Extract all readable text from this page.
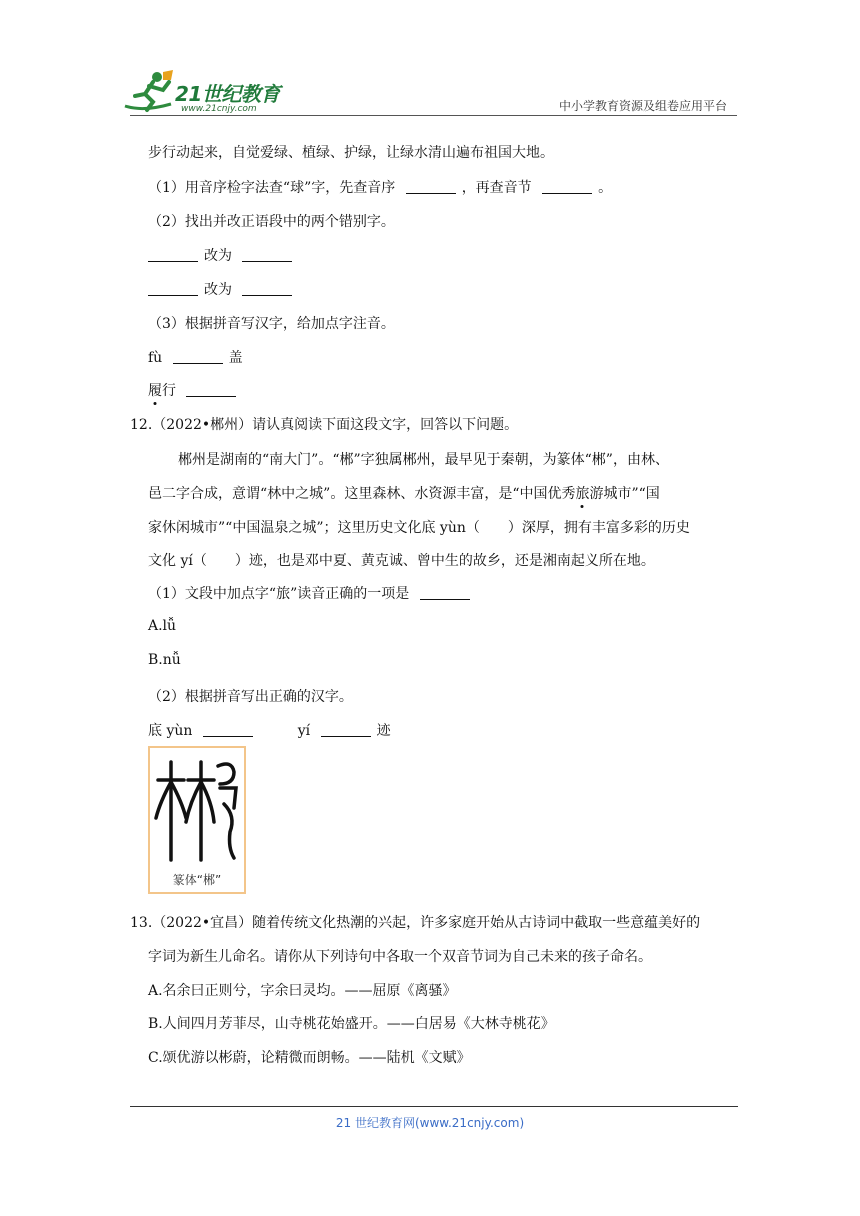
21世纪教育
www.21cnjy.com	中小学教育资源及组卷应用平台
步行动起来，自觉爱绿、植绿、护绿，让绿水清山遍布祖国大地。
（1）用音序检字法查“球”字，先查音序	，再查音节	。
（2）找出并改正语段中的两个错别字。
改为
改为
（3）根据拼音写汉字，给加点字注音。
fù	盖
履行
12.（2022•郴州）请认真阅读下面这段文字，回答以下问题。
郴州是湖南的“南大门”。“郴”字独属郴州，最早见于秦朝，为篆体“郴”，由林、
邑二字合成，意谓“林中之城”。这里森林、水资源丰富，是“中国优秀旅游城市”“国
家休闲城市”“中国温泉之城”；这里历史文化底 yùn（ ）深厚，拥有丰富多彩的历史
文化 yí（ ）迹，也是邓中夏、黄克诚、曾中生的故乡，还是湘南起义所在地。
（1）文段中加点字“旅”读音正确的一项是
A.lǚ
B.nǚ
（2）根据拼音写出正确的汉字。
底 yùn	yí	迹
篆体“郴”
13.（2022•宜昌）随着传统文化热潮的兴起，许多家庭开始从古诗词中截取一些意蕴美好的
字词为新生儿命名。请你从下列诗句中各取一个双音节词为自己未来的孩子命名。
A.名余曰正则兮，字余曰灵均。——屈原《离骚》
B.人间四月芳菲尽，山寺桃花始盛开。——白居易《大林寺桃花》
C.颂优游以彬蔚，论精微而朗畅。——陆机《文赋》
21 世纪教育网(www.21cnjy.com)
